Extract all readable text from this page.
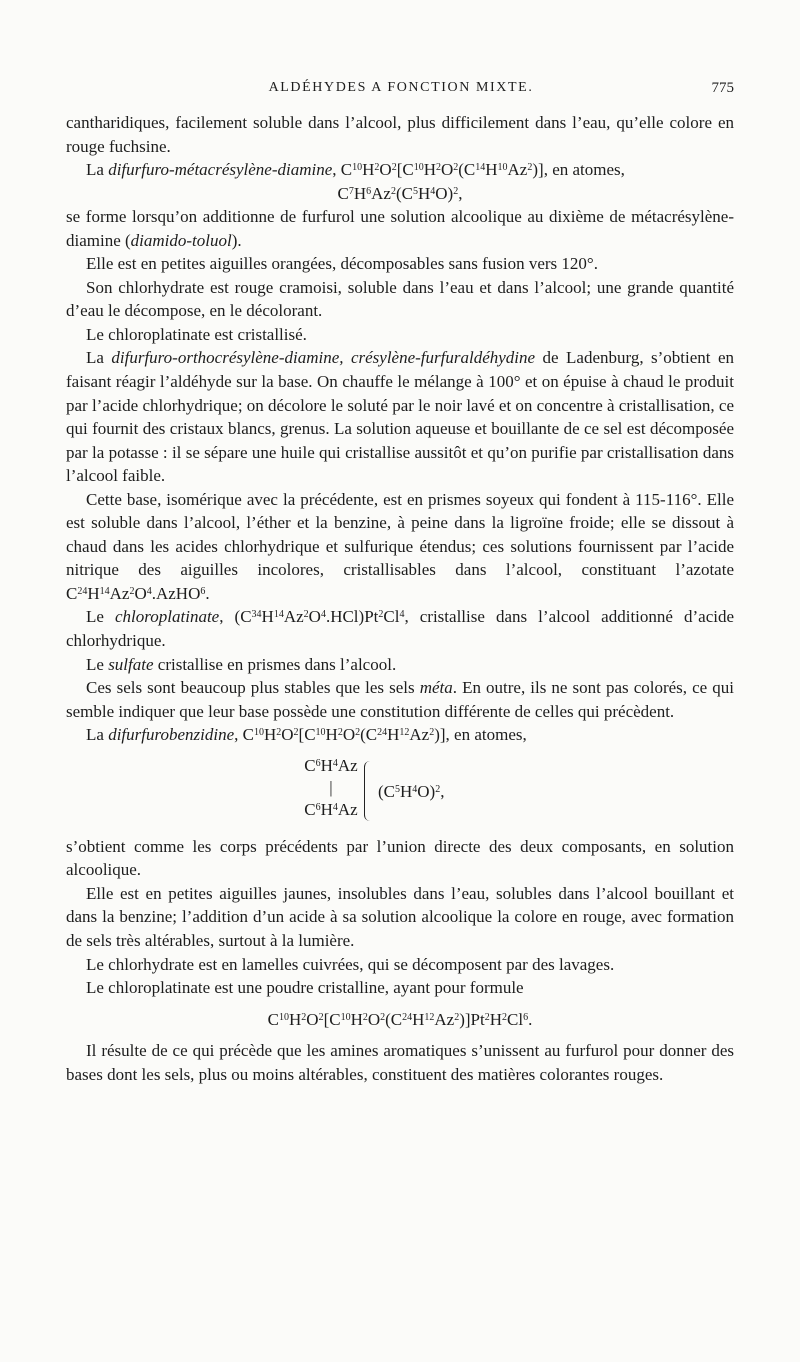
ALDÉHYDES A FONCTION MIXTE.	775

cantharidiques, facilement soluble dans l’alcool, plus difficilement dans l’eau, qu’elle colore en rouge fuchsine.

La difurfuro-métacrésylène-diamine, $C^{10}H^2O^2[C^{10}H^2O^2(C^{14}H^{10}Az^2)]$, en atomes,

$C^7H^6Az^2(C^5H^4O)^2$,

se forme lorsqu’on additionne de furfurol une solution alcoolique au dixième de métacrésylène-diamine (diamido-toluol).

Elle est en petites aiguilles orangées, décomposables sans fusion vers 120°.

Son chlorhydrate est rouge cramoisi, soluble dans l’eau et dans l’alcool; une grande quantité d’eau le décompose, en le décolorant.

Le chloroplatinate est cristallisé.

La difurfuro-orthocrésylène-diamine, crésylène-furfuraldéhydine de Ladenburg, s’obtient en faisant réagir l’aldéhyde sur la base. On chauffe le mélange à 100° et on épuise à chaud le produit par l’acide chlorhydrique; on décolore le soluté par le noir lavé et on concentre à cristallisation, ce qui fournit des cristaux blancs, grenus. La solution aqueuse et bouillante de ce sel est décomposée par la potasse : il se sépare une huile qui cristallise aussitôt et qu’on purifie par cristallisation dans l’alcool faible.

Cette base, isomérique avec la précédente, est en prismes soyeux qui fondent à 115-116°. Elle est soluble dans l’alcool, l’éther et la benzine, à peine dans la ligroïne froide; elle se dissout à chaud dans les acides chlorhydrique et sulfurique étendus; ces solutions fournissent par l’acide nitrique des aiguilles incolores, cristallisables dans l’alcool, constituant l’azotate $C^{24}H^{14}Az^2O^4.AzHO^6$.

Le chloroplatinate, $(C^{34}H^{14}Az^2O^4.HCl)Pt^2Cl^4$, cristallise dans l’alcool additionné d’acide chlorhydrique.

Le sulfate cristallise en prismes dans l’alcool.

Ces sels sont beaucoup plus stables que les sels méta. En outre, ils ne sont pas colorés, ce qui semble indiquer que leur base possède une constitution différente de celles qui précèdent.

La difurfurobenzidine, $C^{10}H^2O^2[C^{10}H^2O^2(C^{24}H^{12}Az^2)]$, en atomes,

$C^6H^4Az$
|
$C^6H^4Az$
$(C^5H^4O)^2$,

s’obtient comme les corps précédents par l’union directe des deux composants, en solution alcoolique.

Elle est en petites aiguilles jaunes, insolubles dans l’eau, solubles dans l’alcool bouillant et dans la benzine; l’addition d’un acide à sa solution alcoolique la colore en rouge, avec formation de sels très altérables, surtout à la lumière.

Le chlorhydrate est en lamelles cuivrées, qui se décomposent par des lavages.

Le chloroplatinate est une poudre cristalline, ayant pour formule

$C^{10}H^2O^2[C^{10}H^2O^2(C^{24}H^{12}Az^2)]Pt^2H^2Cl^6$.

Il résulte de ce qui précède que les amines aromatiques s’unissent au furfurol pour donner des bases dont les sels, plus ou moins altérables, constituent des matières colorantes rouges.
